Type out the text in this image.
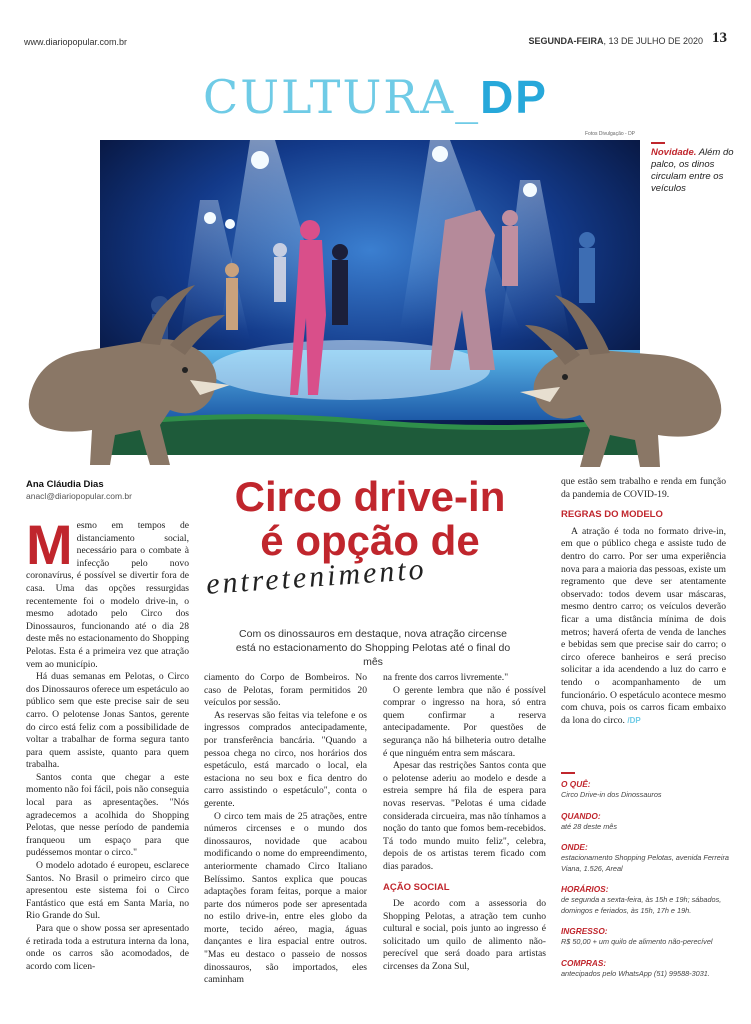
www.diariopopular.com.br	SEGUNDA-FEIRA, 13 DE JULHO DE 2020 13
CULTURA_DP
Fotos Divulgação - DP
Novidade. Além do palco, os dinos circulam entre os veículos
Ana Cláudia Dias
anacl@diariopopular.com.br	Circo drive-in
é opção de
entretenimento
Com os dinossauros em destaque, nova atração circense está no estacionamento do Shopping Pelotas até o final do mês
M esmo em tempos de distanciamento social, necessário para o combate à infecção pelo novo coronavírus, é possível se divertir fora de casa. Uma das opções ressurgidas recentemente foi o modelo drive-in, o mesmo adotado pelo Circo dos Dinossauros, funcionando até o dia 28 deste mês no estacionamento do Shopping Pelotas. Esta é a primeira vez que atração vem ao município.

Há duas semanas em Pelotas, o Circo dos Dinossauros oferece um espetáculo ao público sem que este precise sair de seu carro. O pelotense Jonas Santos, gerente do circo está feliz com a possibilidade de voltar a trabalhar de forma segura tanto para quem assiste, quanto para quem trabalha.

Santos conta que chegar a este momento não foi fácil, pois não conseguia local para as apresentações. "Nós agradecemos a acolhida do Shopping Pelotas, que nesse período de pandemia franqueou um espaço para que pudéssemos montar o circo."

O modelo adotado é europeu, esclarece Santos. No Brasil o primeiro circo que apresentou este sistema foi o Circo Fantástico que está em Santa Maria, no Rio Grande do Sul.

Para que o show possa ser apresentado é retirada toda a estrutura interna da lona, onde os carros são acomodados, de acordo com licen-

ciamento do Corpo de Bombeiros. No caso de Pelotas, foram permitidos 20 veículos por sessão.

As reservas são feitas via telefone e os ingressos comprados antecipadamente, por transferência bancária. "Quando a pessoa chega no circo, nos horários dos espetáculo, está marcado o local, ela estaciona no seu box e fica dentro do carro assistindo o espetáculo", conta o gerente.

O circo tem mais de 25 atrações, entre números circenses e o mundo dos dinossauros, novidade que acabou modificando o nome do empreendimento, anteriormente chamado Circo Italiano Belíssimo. Santos explica que poucas adaptações foram feitas, porque a maior parte dos números pode ser apresentada no estilo drive-in, entre eles globo da morte, tecido aéreo, magia, águas dançantes e lira espacial entre outros. "Mas eu destaco o passeio de nossos dinossauros, são importados, eles caminham

na frente dos carros livremente."

O gerente lembra que não é possível comprar o ingresso na hora, só entra quem confirmar a reserva antecipadamente. Por questões de segurança não há bilheteria outro detalhe é que ninguém entra sem máscara.

Apesar das restrições Santos conta que o pelotense aderiu ao modelo e desde a estreia sempre há fila de espera para novas reservas. "Pelotas é uma cidade considerada circueira, mas não tínhamos a noção do tanto que fomos bem-recebidos. Tá todo mundo muito feliz", celebra, depois de os artistas terem ficado com dias parados.

AÇÃO SOCIAL

De acordo com a assessoria do Shopping Pelotas, a atração tem cunho cultural e social, pois junto ao ingresso é solicitado um quilo de alimento não-perecível que será doado para artistas circenses da Zona Sul,

que estão sem trabalho e renda em função da pandemia de COVID-19.

REGRAS DO MODELO

A atração é toda no formato drive-in, em que o público chega e assiste tudo de dentro do carro. Por ser uma experiência nova para a maioria das pessoas, existe um regramento que deve ser atentamente observado: todos devem usar máscaras, mesmo dentro carro; os veículos deverão ficar a uma distância mínima de dois metros; haverá oferta de venda de lanches e bebidas sem que precise sair do carro; o circo oferece banheiros e será preciso solicitar a ida acendendo a luz do carro e tendo o acompanhamento de um funcionário. O espetáculo acontece mesmo com chuva, pois os carros ficam embaixo da lona do circo. /DP

O QUÊ:
Circo Drive-in dos Dinossauros
QUANDO:
até 28 deste mês
ONDE:
estacionamento Shopping Pelotas, avenida Ferreira Viana, 1.526, Areal
HORÁRIOS:
de segunda a sexta-feira, às 15h e 19h; sábados, domingos e feriados, às 15h, 17h e 19h.
INGRESSO:
R$ 50,00 + um quilo de alimento não-perecível
COMPRAS:
antecipados pelo WhatsApp (51) 99588-3031.
